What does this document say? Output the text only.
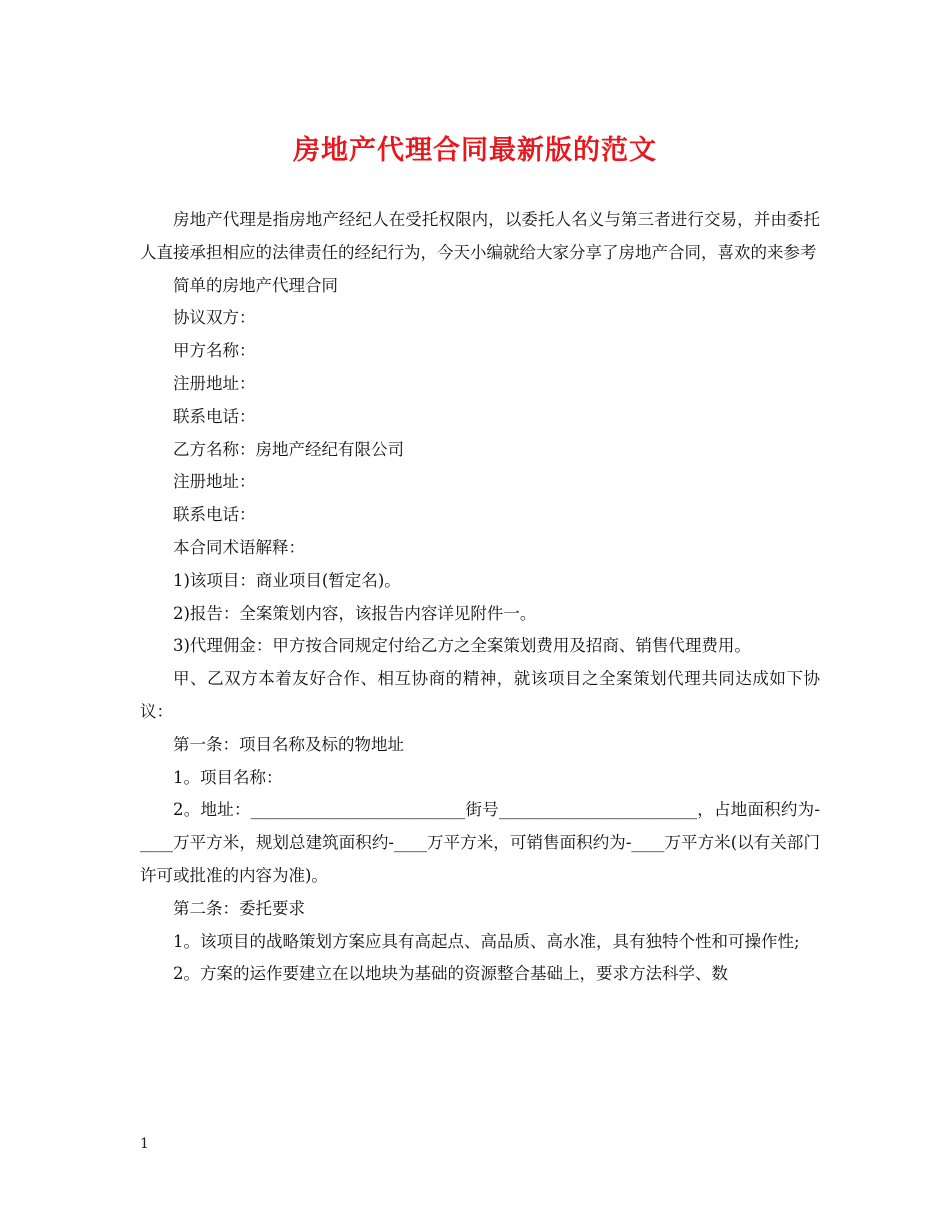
房地产代理合同最新版的范文

房地产代理是指房地产经纪人在受托权限内，以委托人名义与第三者进行交易，并由委托人直接承担相应的法律责任的经纪行为，今天小编就给大家分享了房地产合同，喜欢的来参考

简单的房地产代理合同

协议双方：

甲方名称：

注册地址：

联系电话：

乙方名称：房地产经纪有限公司

注册地址：

联系电话：

本合同术语解释：

1)该项目：商业项目(暂定名)。

2)报告：全案策划内容，该报告内容详见附件一。

3)代理佣金：甲方按合同规定付给乙方之全案策划费用及招商、销售代理费用。

甲、乙双方本着友好合作、相互协商的精神，就该项目之全案策划代理共同达成如下协议：

第一条：项目名称及标的物地址

1。项目名称：

2。地址：__________________________街号________________________，占地面积约为-____万平方米，规划总建筑面积约-____万平方米，可销售面积约为-____万平方米(以有关部门许可或批准的内容为准)。

第二条：委托要求

1。该项目的战略策划方案应具有高起点、高品质、高水准，具有独特个性和可操作性;

2。方案的运作要建立在以地块为基础的资源整合基础上，要求方法科学、数

1
